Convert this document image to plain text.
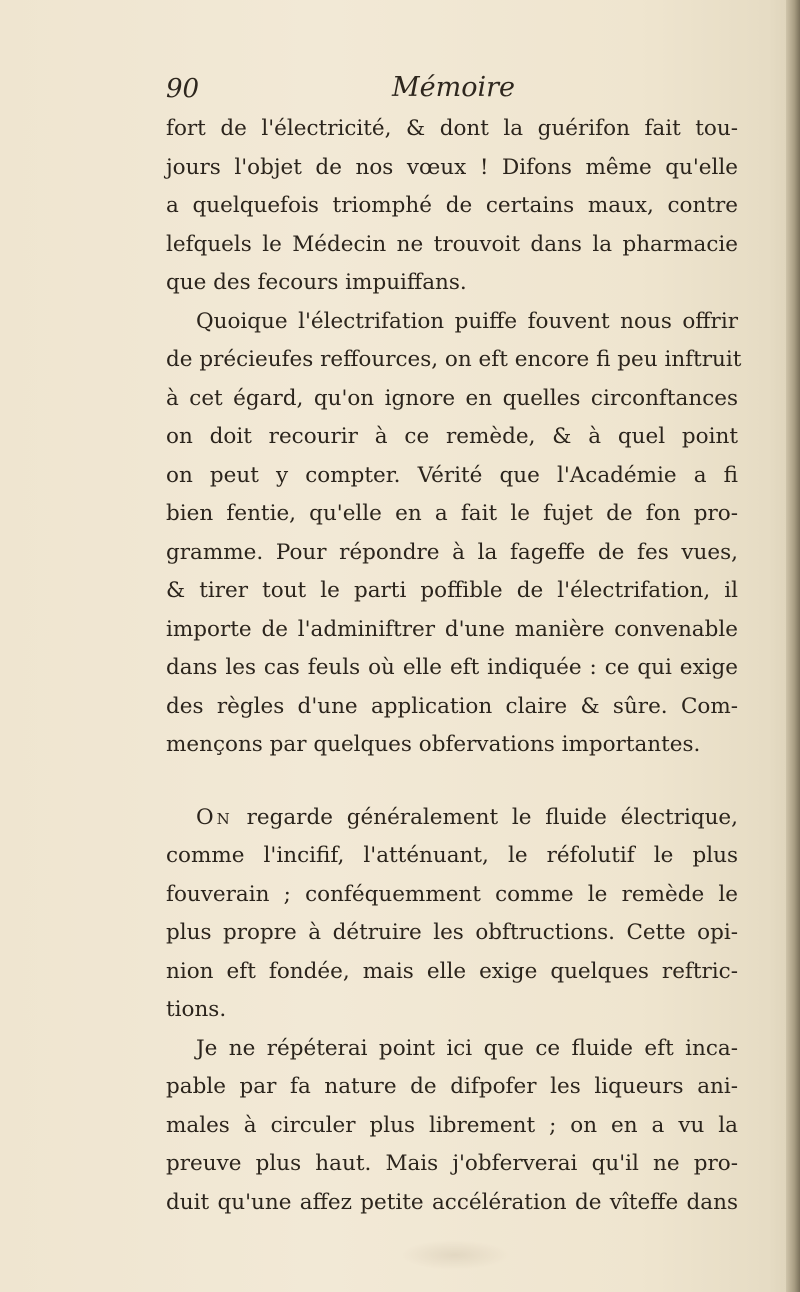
90	Mémoire
fort de l'électricité, & dont la guérifon fait tou-
jours l'objet de nos vœux ! Difons même qu'elle
a quelquefois triomphé de certains maux, contre
lefquels le Médecin ne trouvoit dans la pharmacie
que des fecours impuiffans.
Quoique l'électrifation puiffe fouvent nous offrir
de précieufes reffources, on eft encore fi peu inftruit
à cet égard, qu'on ignore en quelles circonftances
on doit recourir à ce remède, & à quel point
on peut y compter. Vérité que l'Académie a fi
bien fentie, qu'elle en a fait le fujet de fon pro-
gramme. Pour répondre à la fageffe de fes vues,
& tirer tout le parti poffible de l'électrifation, il
importe de l'adminiftrer d'une manière convenable
dans les cas feuls où elle eft indiquée : ce qui exige
des règles d'une application claire & sûre. Com-
mençons par quelques obfervations importantes.
On regarde généralement le fluide électrique,
comme l'incifif, l'atténuant, le réfolutif le plus
fouverain ; conféquemment comme le remède le
plus propre à détruire les obftructions. Cette opi-
nion eft fondée, mais elle exige quelques reftric-
tions.
Je ne répéterai point ici que ce fluide eft inca-
pable par fa nature de difpofer les liqueurs ani-
males à circuler plus librement ; on en a vu la
preuve plus haut. Mais j'obferverai qu'il ne pro-
duit qu'une affez petite accélération de vîteffe dans
